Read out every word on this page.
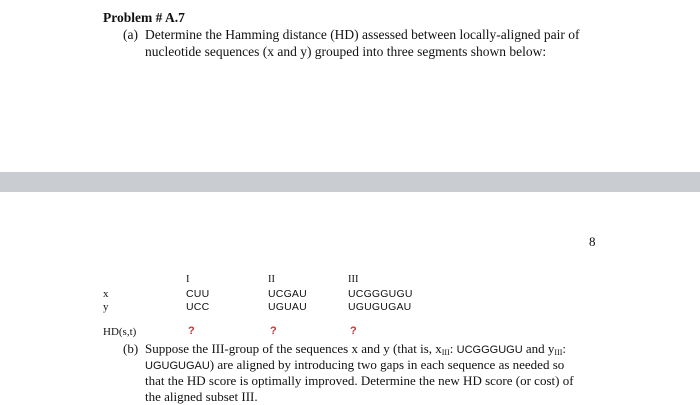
Problem # A.7
(a) Determine the Hamming distance (HD) assessed between locally-aligned pair of
nucleotide sequences (x and y) grouped into three segments shown below:
8
I	II	III
x	CUU	UCGAU	UCGGGUGU
y	UCC	UGUAU	UGUGUGAU
HD(s,t)	?	?	?
(b) Suppose the III-group of the sequences x and y (that is, $x_{III}$: UCGGGUGU and $y_{III}$:
UGUGUGAU) are aligned by introducing two gaps in each sequence as needed so
that the HD score is optimally improved. Determine the new HD score (or cost) of
the aligned subset III.
